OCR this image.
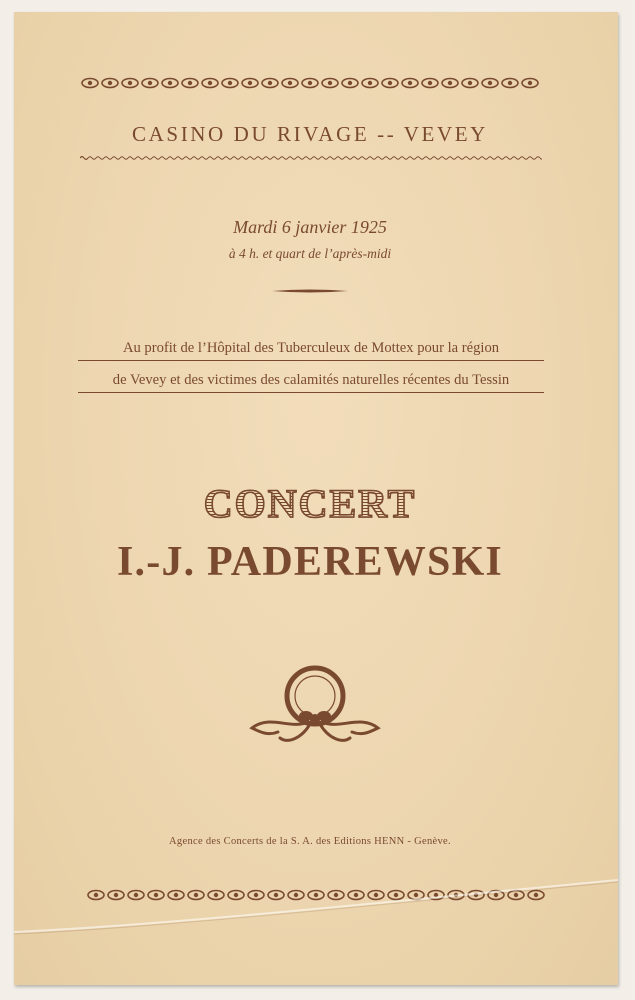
CASINO DU RIVAGE -- VEVEY
Mardi 6 janvier 1925
à 4 h. et quart de l’après-midi
Au profit de l’Hôpital des Tuberculeux de Mottex pour la région
de Vevey et des victimes des calamités naturelles récentes du Tessin
CONCERT
I.-J. PADEREWSKI
Agence des Concerts de la S. A. des Editions HENN - Genève.
